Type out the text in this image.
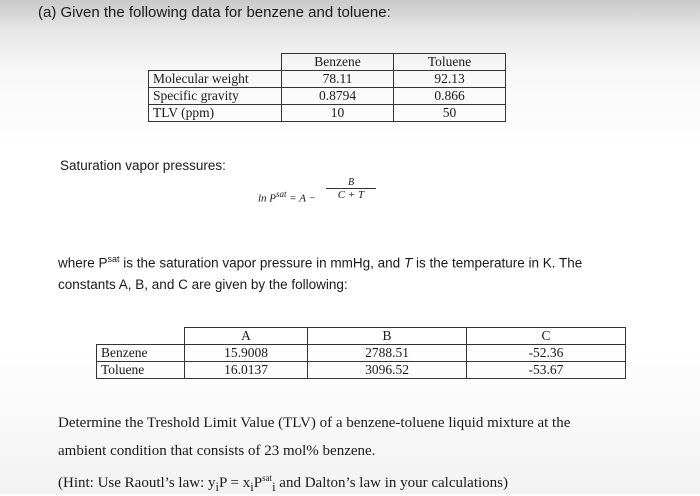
(a) Given the following data for benzene and toluene:
	Benzene	Toluene
Molecular weight	78.11	92.13
Specific gravity	0.8794	0.866
TLV (ppm)	10	50
Saturation vapor pressures:
$\ln P^{sat} = A - \frac{B}{C + T}$
where $P^{sat}$ is the saturation vapor pressure in mmHg, and T is the temperature in K. The
constants A, B, and C are given by the following:
	A	B	C
Benzene	15.9008	2788.51	-52.36
Toluene	16.0137	3096.52	-53.67
Determine the Treshold Limit Value (TLV) of a benzene-toluene liquid mixture at the
ambient condition that consists of 23 mol% benzene.
(Hint: Use Raoutl’s law: $y_iP = x_iP^{sat}_i$ and Dalton’s law in your calculations)
